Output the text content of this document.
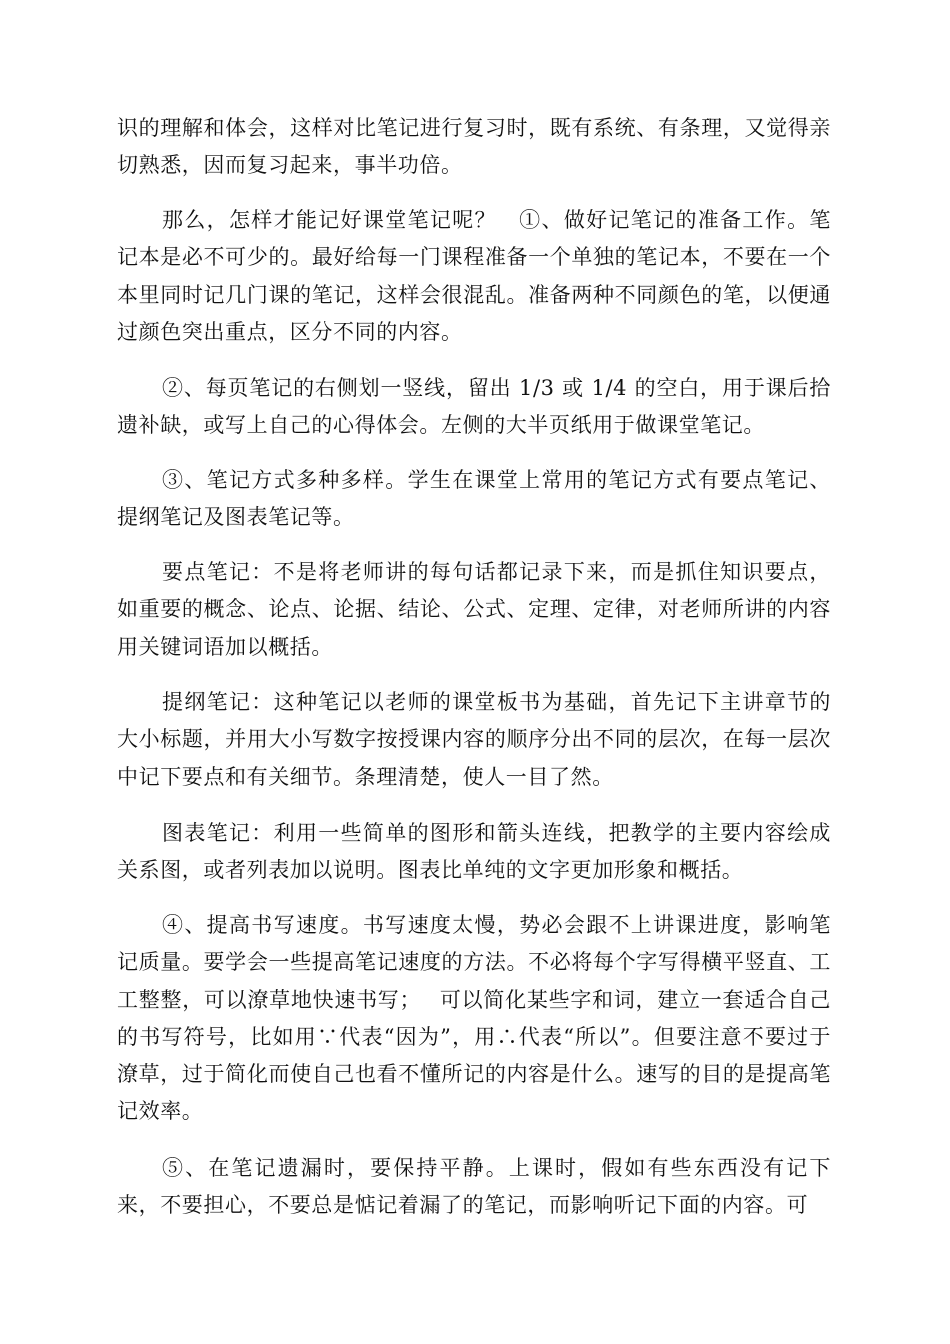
识的理解和体会，这样对比笔记进行复习时，既有系统、有条理，又觉得亲切熟悉，因而复习起来，事半功倍。

那么，怎样才能记好课堂笔记呢？　①、做好记笔记的准备工作。笔记本是必不可少的。最好给每一门课程准备一个单独的笔记本，不要在一个本里同时记几门课的笔记，这样会很混乱。准备两种不同颜色的笔，以便通过颜色突出重点，区分不同的内容。

②、每页笔记的右侧划一竖线，留出 1/3 或 1/4 的空白，用于课后拾遗补缺，或写上自己的心得体会。左侧的大半页纸用于做课堂笔记。

③、笔记方式多种多样。学生在课堂上常用的笔记方式有要点笔记、提纲笔记及图表笔记等。

要点笔记：不是将老师讲的每句话都记录下来，而是抓住知识要点，如重要的概念、论点、论据、结论、公式、定理、定律，对老师所讲的内容用关键词语加以概括。

提纲笔记：这种笔记以老师的课堂板书为基础，首先记下主讲章节的大小标题，并用大小写数字按授课内容的顺序分出不同的层次，在每一层次中记下要点和有关细节。条理清楚，使人一目了然。

图表笔记：利用一些简单的图形和箭头连线，把教学的主要内容绘成关系图，或者列表加以说明。图表比单纯的文字更加形象和概括。

④、提高书写速度。书写速度太慢，势必会跟不上讲课进度，影响笔记质量。要学会一些提高笔记速度的方法。不必将每个字写得横平竖直、工工整整，可以潦草地快速书写；　 可以简化某些字和词，建立一套适合自己的书写符号，比如用∵代表“因为”，用∴代表“所以”。但要注意不要过于潦草，过于简化而使自己也看不懂所记的内容是什么。速写的目的是提高笔记效率。

⑤、在笔记遗漏时，要保持平静。上课时，假如有些东西没有记下来，不要担心，不要总是惦记着漏了的笔记，而影响听记下面的内容。可
